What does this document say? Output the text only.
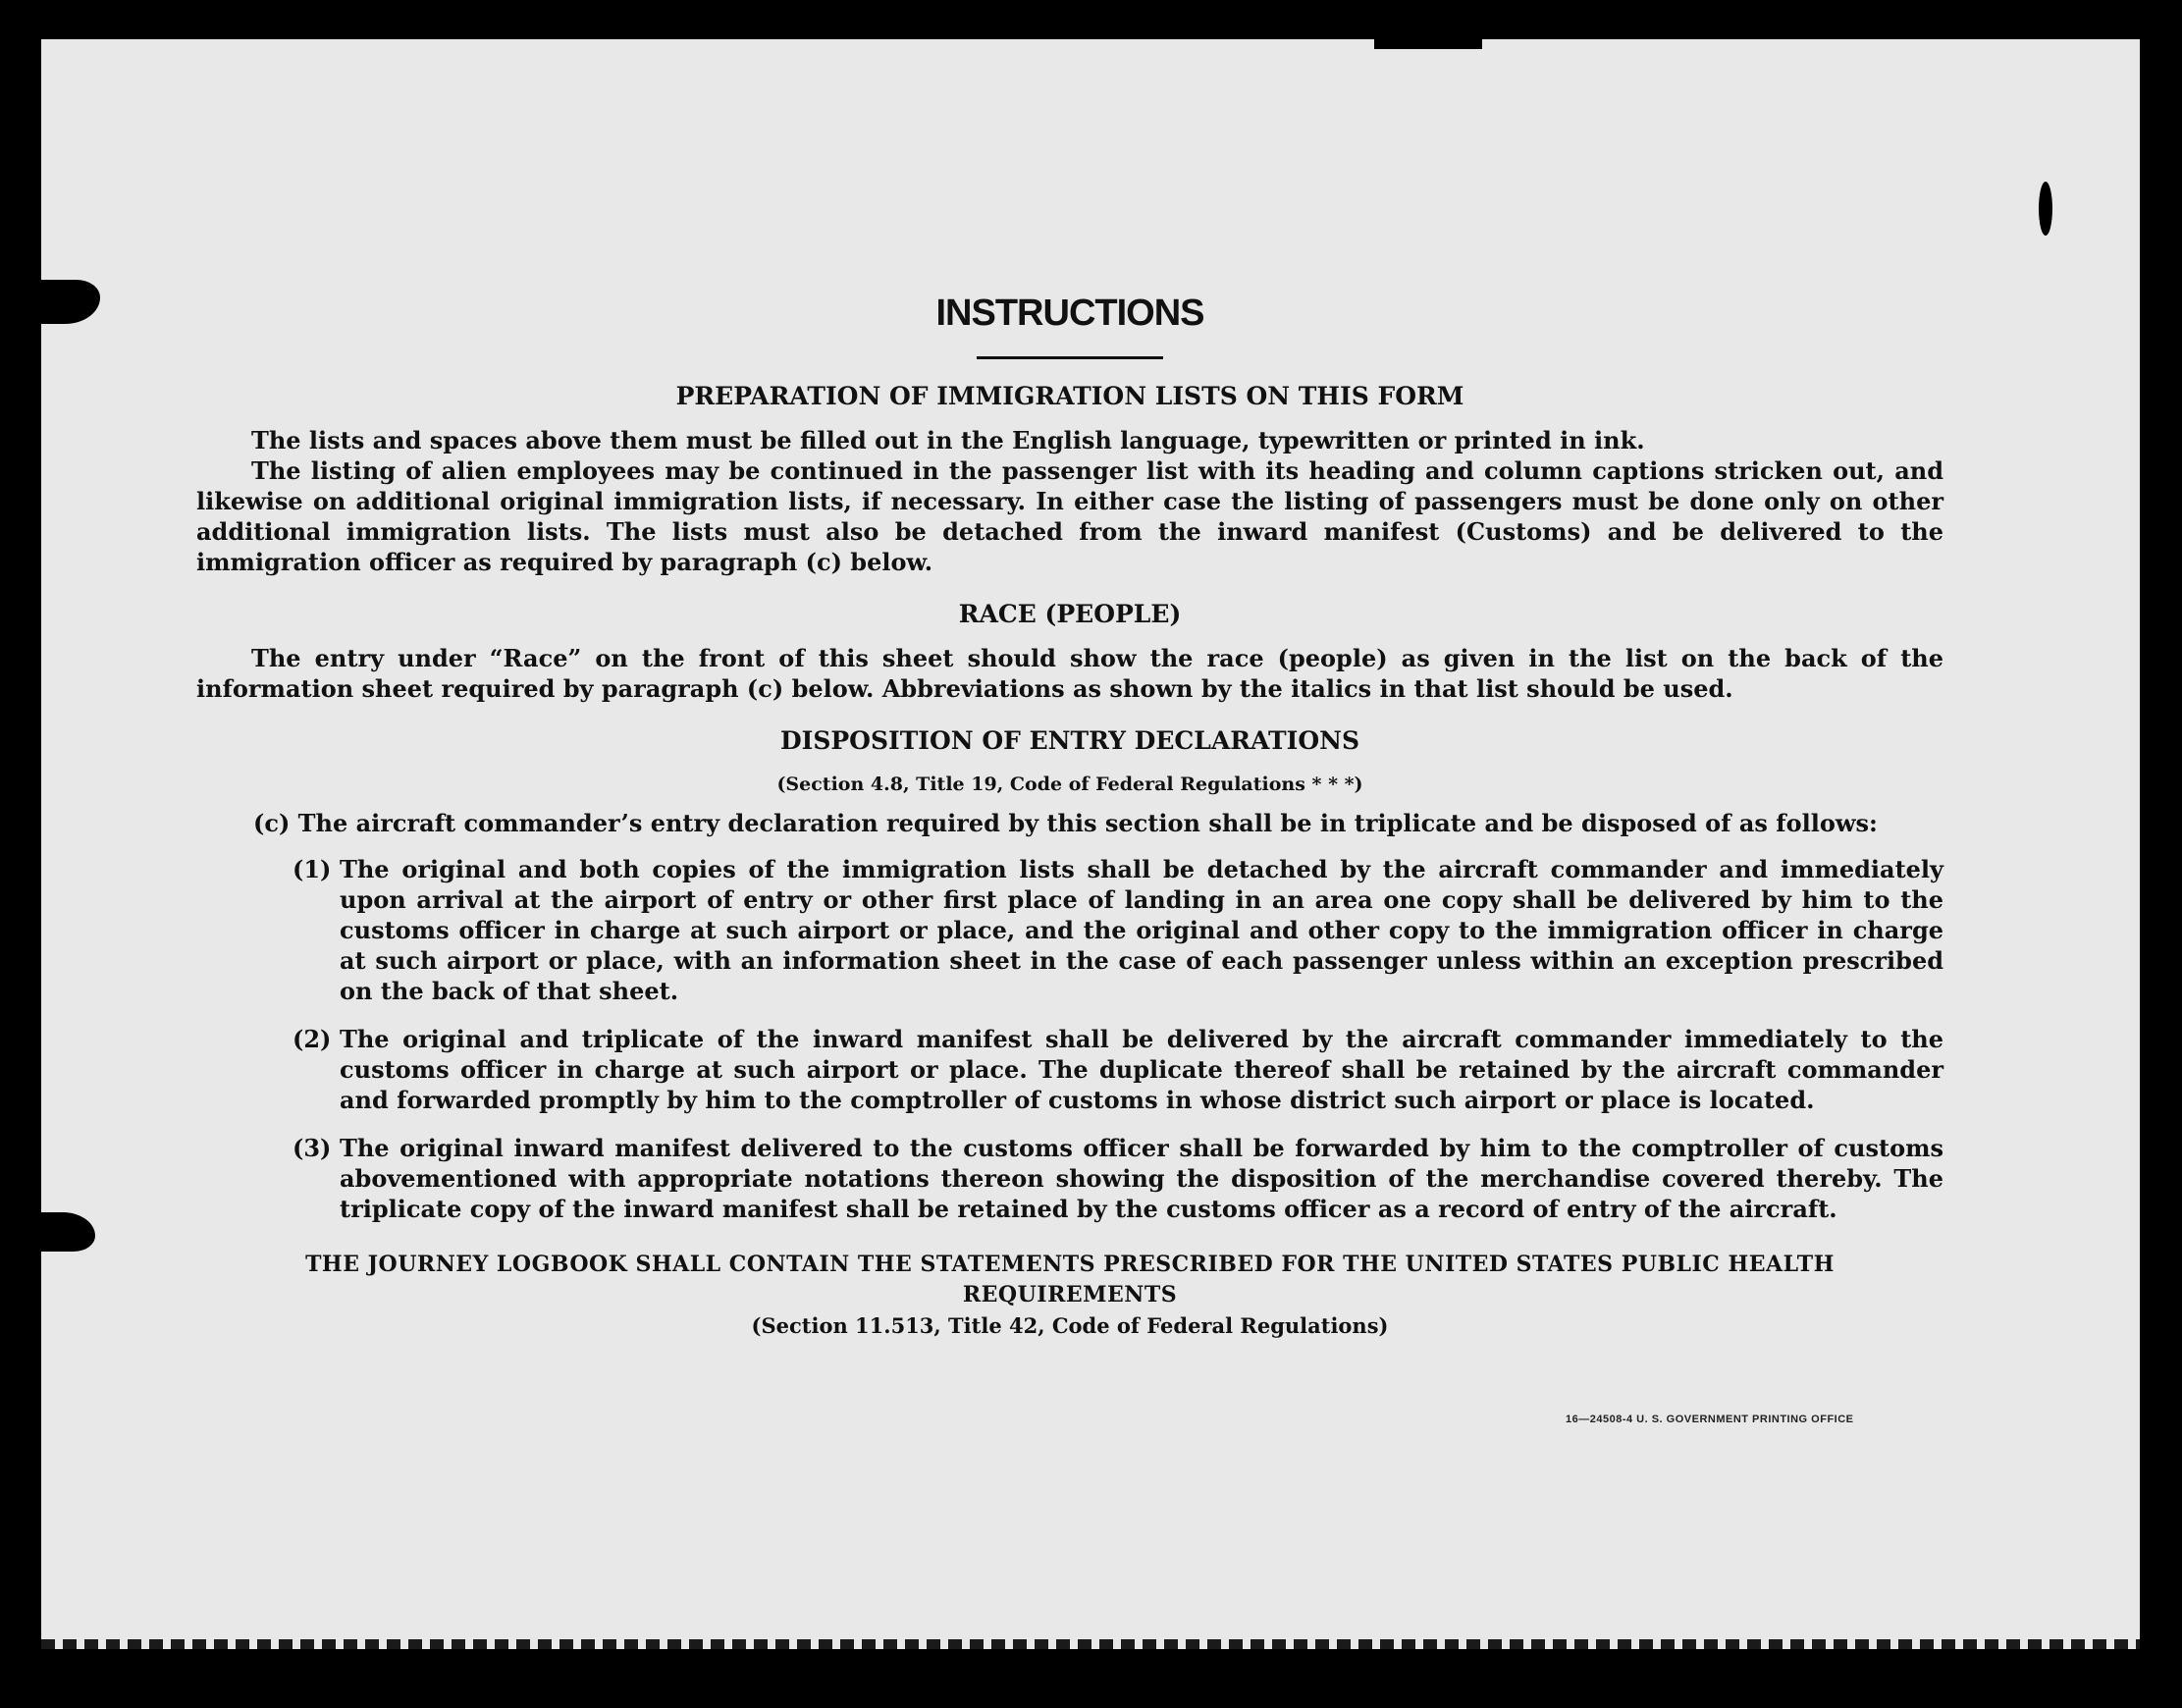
INSTRUCTIONS
PREPARATION OF IMMIGRATION LISTS ON THIS FORM

The lists and spaces above them must be filled out in the English language, typewritten or printed in ink.

The listing of alien employees may be continued in the passenger list with its heading and column captions stricken out, and likewise on additional original immigration lists, if necessary. In either case the listing of passengers must be done only on other additional immigration lists. The lists must also be detached from the inward manifest (Customs) and be delivered to the immigration officer as required by paragraph (c) below.

RACE (PEOPLE)

The entry under “Race” on the front of this sheet should show the race (people) as given in the list on the back of the information sheet required by paragraph (c) below. Abbreviations as shown by the italics in that list should be used.

DISPOSITION OF ENTRY DECLARATIONS
(Section 4.8, Title 19, Code of Federal Regulations * * *)

(c) The aircraft commander’s entry declaration required by this section shall be in triplicate and be disposed of as follows:

(1) The original and both copies of the immigration lists shall be detached by the aircraft commander and immediately upon arrival at the airport of entry or other first place of landing in an area one copy shall be delivered by him to the customs officer in charge at such airport or place, and the original and other copy to the immigration officer in charge at such airport or place, with an information sheet in the case of each passenger unless within an exception prescribed on the back of that sheet.
(2) The original and triplicate of the inward manifest shall be delivered by the aircraft commander immediately to the customs officer in charge at such airport or place. The duplicate thereof shall be retained by the aircraft commander and forwarded promptly by him to the comptroller of customs in whose district such airport or place is located.
(3) The original inward manifest delivered to the customs officer shall be forwarded by him to the comptroller of customs abovementioned with appropriate notations thereon showing the disposition of the merchandise covered thereby. The triplicate copy of the inward manifest shall be retained by the customs officer as a record of entry of the aircraft.
THE JOURNEY LOGBOOK SHALL CONTAIN THE STATEMENTS PRESCRIBED FOR THE UNITED STATES PUBLIC HEALTH REQUIREMENTS
(Section 11.513, Title 42, Code of Federal Regulations)
16—24508-4 U. S. GOVERNMENT PRINTING OFFICE
